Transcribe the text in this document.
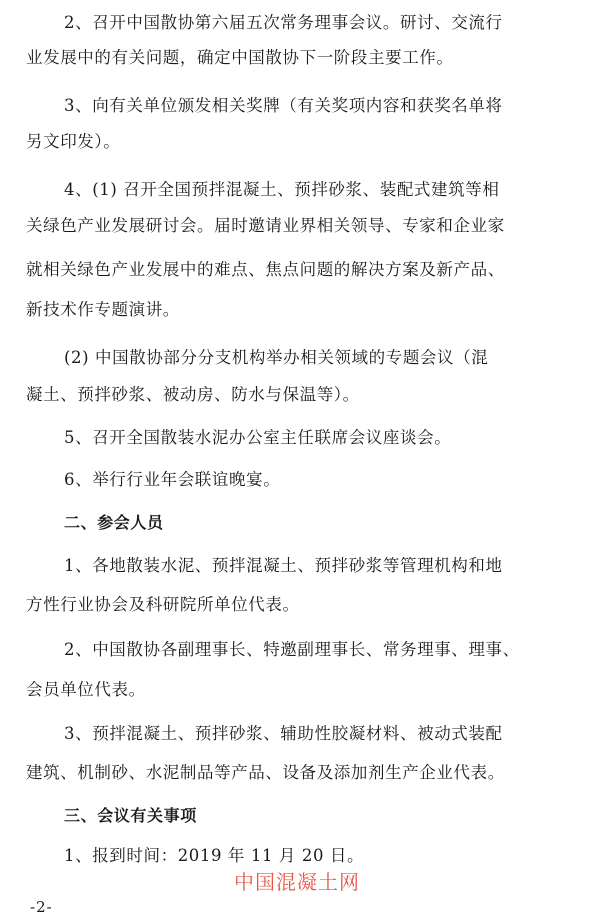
2、召开中国散协第六届五次常务理事会议。研讨、交流行
业发展中的有关问题，确定中国散协下一阶段主要工作。
3、向有关单位颁发相关奖牌（有关奖项内容和获奖名单将
另文印发）。
4、(1) 召开全国预拌混凝土、预拌砂浆、装配式建筑等相
关绿色产业发展研讨会。届时邀请业界相关领导、专家和企业家
就相关绿色产业发展中的难点、焦点问题的解决方案及新产品、
新技术作专题演讲。
(2) 中国散协部分分支机构举办相关领域的专题会议（混
凝土、预拌砂浆、被动房、防水与保温等）。
5、召开全国散装水泥办公室主任联席会议座谈会。
6、举行行业年会联谊晚宴。
二、参会人员
1、各地散装水泥、预拌混凝土、预拌砂浆等管理机构和地
方性行业协会及科研院所单位代表。
2、中国散协各副理事长、特邀副理事长、常务理事、理事、
会员单位代表。
3、预拌混凝土、预拌砂浆、辅助性胶凝材料、被动式装配
建筑、机制砂、水泥制品等产品、设备及添加剂生产企业代表。
三、会议有关事项
1、报到时间：2019 年 11 月 20 日。
中国混凝土网
-2-
